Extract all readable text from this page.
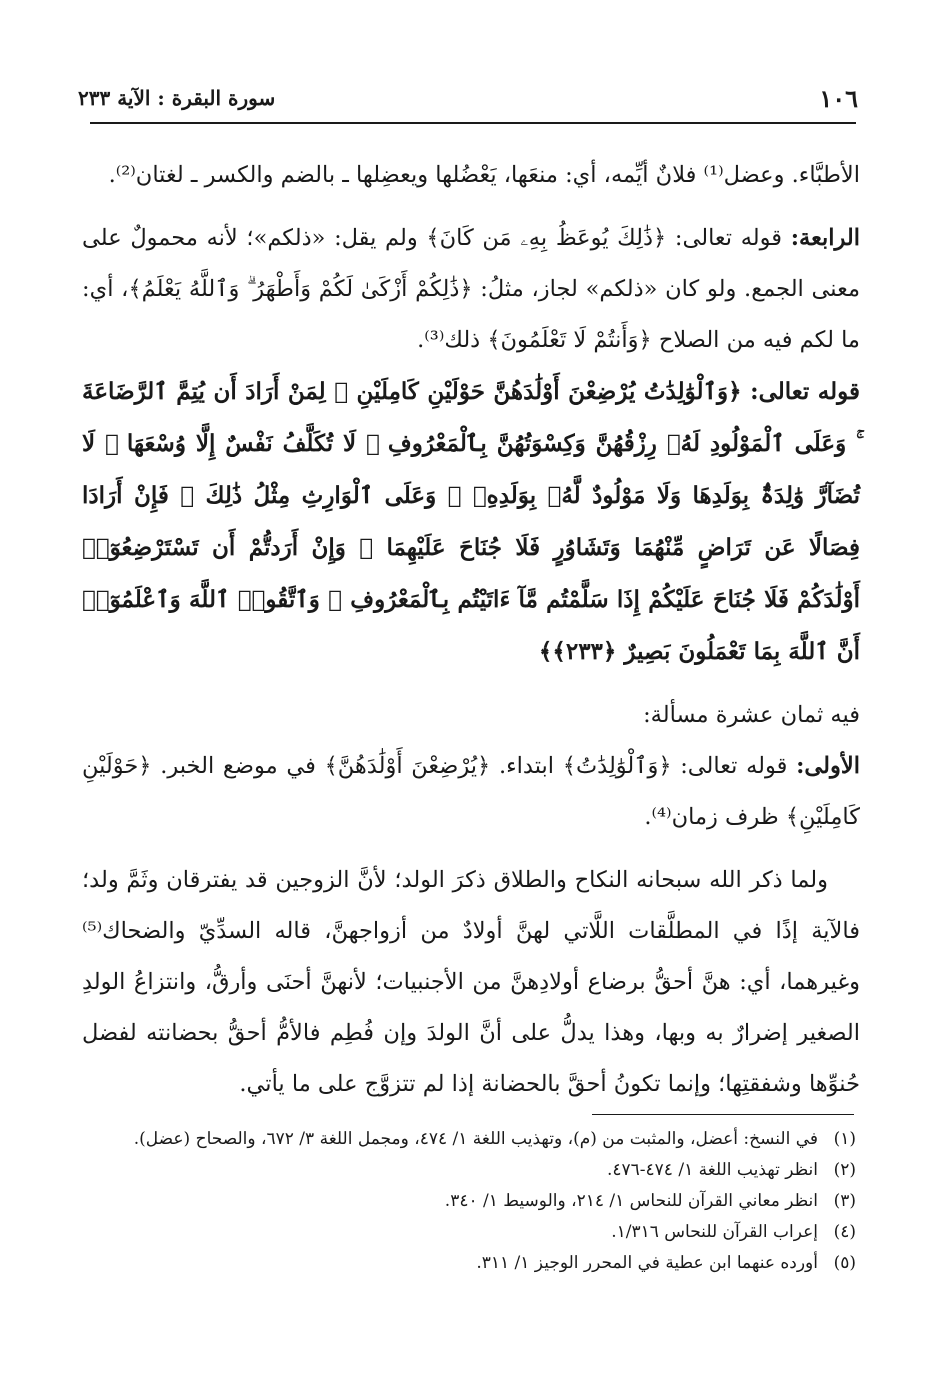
١٠٦
سورة البقرة : الآية ٢٣٣

الأطبَّاء. وعضل⁽¹⁾ فلانٌ أيِّمه، أي: منعَها، يَعْضُلها ويعضِلها ـ بالضم والكسر ـ لغتان⁽²⁾.

الرابعة: قوله تعالى: ﴿ذَٰلِكَ يُوعَظُ بِهِۦ مَن كَانَ﴾ ولم يقل: «ذلكم»؛ لأنه محمولٌ على معنى الجمع. ولو كان «ذلكم» لجاز، مثلُ: ﴿ذَٰلِكُمْ أَزْكَىٰ لَكُمْ وَأَطْهَرُ ۗ وَٱللَّهُ يَعْلَمُ﴾، أي: ما لكم فيه من الصلاح ﴿وَأَنتُمْ لَا تَعْلَمُونَ﴾ ذلك⁽³⁾.

قوله تعالى: ﴿وَٱلْوَٰلِدَٰتُ يُرْضِعْنَ أَوْلَٰدَهُنَّ حَوْلَيْنِ كَامِلَيْنِ ۖ لِمَنْ أَرَادَ أَن يُتِمَّ ٱلرَّضَاعَةَ ۚ وَعَلَى ٱلْمَوْلُودِ لَهُۥ رِزْقُهُنَّ وَكِسْوَتُهُنَّ بِٱلْمَعْرُوفِ ۚ لَا تُكَلَّفُ نَفْسٌ إِلَّا وُسْعَهَا ۚ لَا تُضَآرَّ وَٰلِدَةٌۢ بِوَلَدِهَا وَلَا مَوْلُودٌ لَّهُۥ بِوَلَدِهِۦ ۚ وَعَلَى ٱلْوَارِثِ مِثْلُ ذَٰلِكَ ۗ فَإِنْ أَرَادَا فِصَالًا عَن تَرَاضٍ مِّنْهُمَا وَتَشَاوُرٍ فَلَا جُنَاحَ عَلَيْهِمَا ۗ وَإِنْ أَرَدتُّمْ أَن تَسْتَرْضِعُوٓا۟ أَوْلَٰدَكُمْ فَلَا جُنَاحَ عَلَيْكُمْ إِذَا سَلَّمْتُم مَّآ ءَاتَيْتُم بِٱلْمَعْرُوفِ ۗ وَٱتَّقُوا۟ ٱللَّهَ وَٱعْلَمُوٓا۟ أَنَّ ٱللَّهَ بِمَا تَعْمَلُونَ بَصِيرٌ ﴿٢٣٣﴾﴾

فيه ثمان عشرة مسألة:

الأولى: قوله تعالى: ﴿وَٱلْوَٰلِدَٰتُ﴾ ابتداء. ﴿يُرْضِعْنَ أَوْلَٰدَهُنَّ﴾ في موضع الخبر. ﴿حَوْلَيْنِ كَامِلَيْنِ﴾ ظرف زمان⁽⁴⁾.

ولما ذكر الله سبحانه النكاح والطلاق ذكرَ الولد؛ لأنَّ الزوجين قد يفترقان وثَمَّ ولد؛ فالآية إذًا في المطلَّقات اللَّاتي لهنَّ أولادٌ من أزواجهنَّ، قاله السدِّيّ والضحاك⁽⁵⁾ وغيرهما، أي: هنَّ أحقُّ برضاع أولادِهنَّ من الأجنبيات؛ لأنهنَّ أحنَى وأرقُّ، وانتزاعُ الولدِ الصغير إضرارٌ به وبها، وهذا يدلُّ على أنَّ الولدَ وإن فُطِم فالأمُّ أحقُّ بحضانته لفضل حُنوِّها وشفقتِها؛ وإنما تكونُ أحقَّ بالحضانة إذا لم تتزوَّج على ما يأتي.

(١)
في النسخ: أعضل، والمثبت من (م)، وتهذيب اللغة ١/ ٤٧٤، ومجمل اللغة ٣/ ٦٧٢، والصحاح (عضل).
(٢)
انظر تهذيب اللغة ١/ ٤٧٤-٤٧٦.
(٣)
انظر معاني القرآن للنحاس ١/ ٢١٤، والوسيط ١/ ٣٤٠.
(٤)
إعراب القرآن للنحاس ١/٣١٦.
(٥)
أورده عنهما ابن عطية في المحرر الوجيز ١/ ٣١١.
